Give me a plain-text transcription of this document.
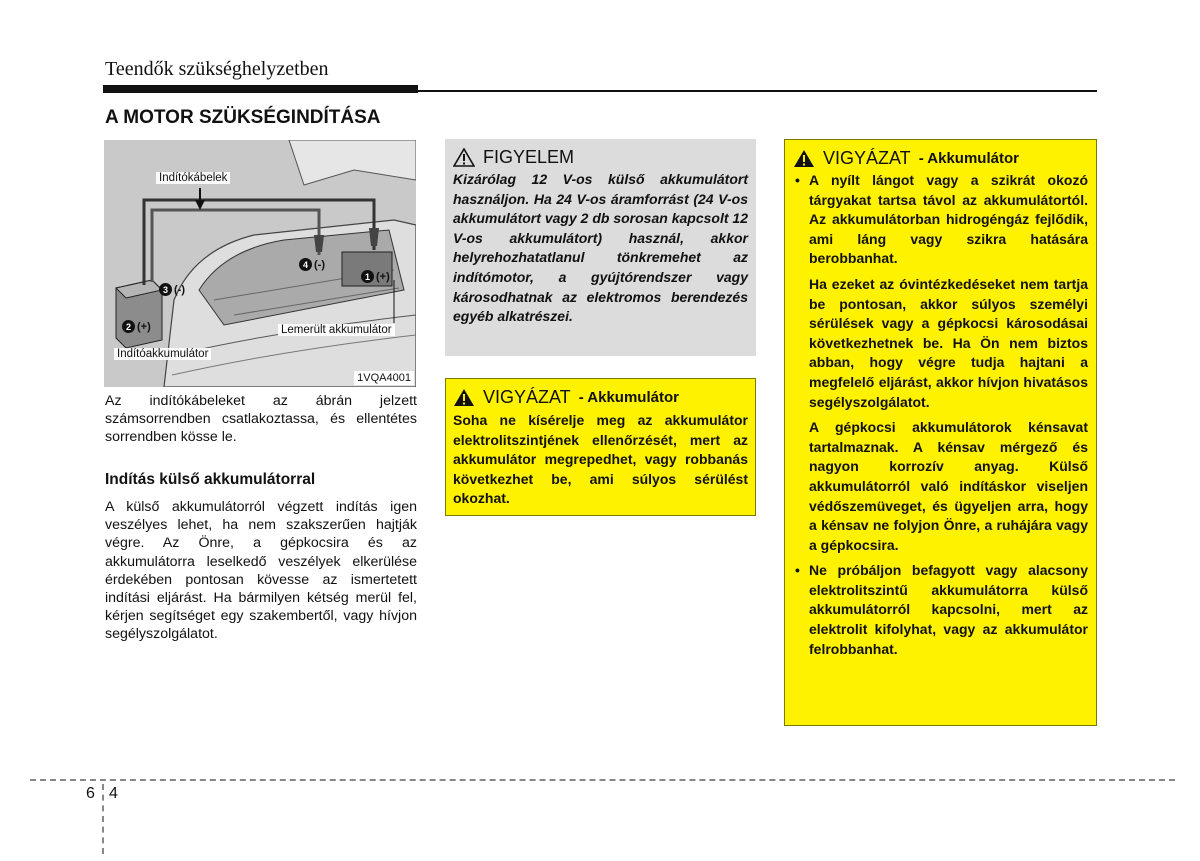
Teendők szükséghelyzetben
A MOTOR SZÜKSÉGINDÍTÁSA
Indítókábelek
Lemerült akkumulátor
Indítóakkumulátor
1 (+)
2 (+)
3 (-)
4 (-)
1VQA4001
Az indítókábeleket az ábrán jelzett számsorrendben csatlakoztassa, és ellentétes sorrendben kösse le.
Indítás külső akkumulátorral
A külső akkumulátorról végzett indítás igen veszélyes lehet, ha nem szakszerűen hajtják végre. Az Önre, a gépkocsira és az akkumulátorra leselkedő veszélyek elkerülése érdekében pontosan kövesse az ismertetett indítási eljárást. Ha bármilyen kétség merül fel, kérjen segítséget egy szakembertől, vagy hívjon segélyszolgálatot.
FIGYELEM
Kizárólag 12 V-os külső akkumulátort használjon. Ha 24 V-os áramforrást (24 V-os akkumulátort vagy 2 db sorosan kapcsolt 12 V-os akkumulátort) használ, akkor helyrehozhatatlanul tönkremehet az indítómotor, a gyújtórendszer vagy károsodhatnak az elektromos berendezés egyéb alkatrészei.
VIGYÁZAT - Akkumulátor
Soha ne kísérelje meg az akkumulátor elektrolitszintjének ellenőrzését, mert az akkumulátor megrepedhet, vagy robbanás következhet be, ami súlyos sérülést okozhat.
VIGYÁZAT - Akkumulátor

• A nyílt lángot vagy a szikrát okozó tárgyakat tartsa távol az akkumulátortól. Az akkumulátorban hidrogéngáz fejlődik, ami láng vagy szikra hatására berobbanhat.

Ha ezeket az óvintézkedéseket nem tartja be pontosan, akkor súlyos személyi sérülések vagy a gépkocsi károsodásai következhetnek be. Ha Ön nem biztos abban, hogy végre tudja hajtani a megfelelő eljárást, akkor hívjon hivatásos segélyszolgálatot.

A gépkocsi akkumulátorok kénsavat tartalmaznak. A kénsav mérgező és nagyon korrozív anyag. Külső akkumulátorról való indításkor viseljen védőszemüveget, és ügyeljen arra, hogy a kénsav ne folyjon Önre, a ruhájára vagy a gépkocsira.

• Ne próbáljon befagyott vagy alacsony elektrolitszintű akkumulátorra külső akkumulátorról kapcsolni, mert az elektrolit kifolyhat, vagy az akkumulátor felrobbanhat.

6 4
